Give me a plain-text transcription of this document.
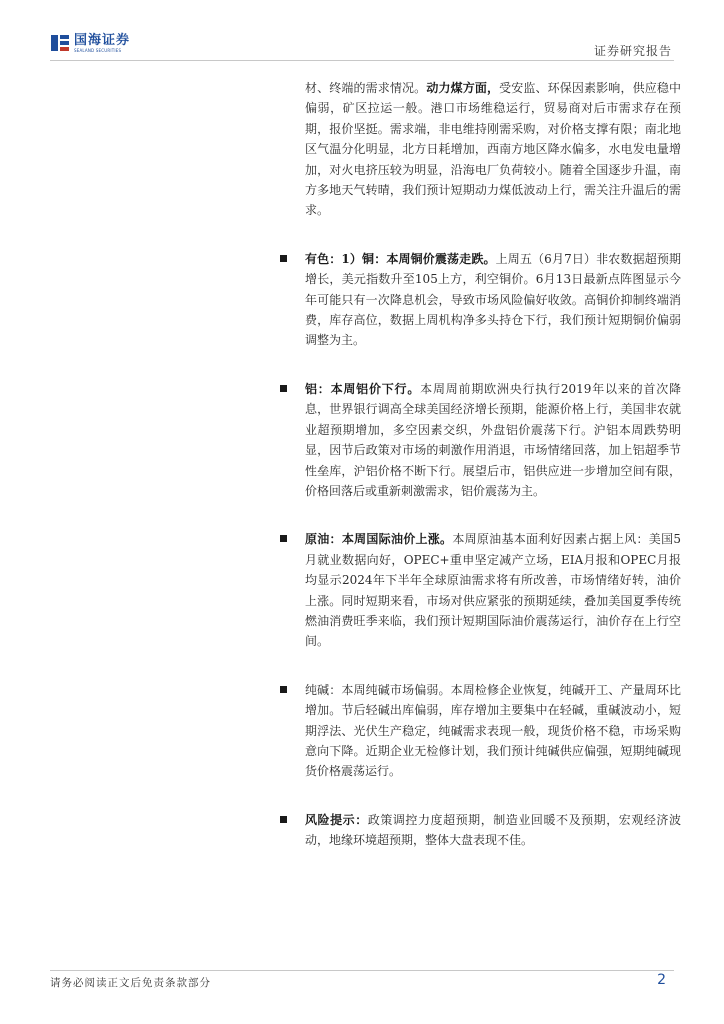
国海证券
SEALAND SECURITIES	证券研究报告

材、终端的需求情况。动力煤方面，受安监、环保因素影响，供应稳中偏弱，矿区拉运一般。港口市场维稳运行，贸易商对后市需求存在预期，报价坚挺。需求端，非电维持刚需采购，对价格支撑有限；南北地区气温分化明显，北方日耗增加，西南方地区降水偏多，水电发电量增加，对火电挤压较为明显，沿海电厂负荷较小。随着全国逐步升温，南方多地天气转晴，我们预计短期动力煤低波动上行，需关注升温后的需求。

有色：1）铜：本周铜价震荡走跌。上周五（6月7日）非农数据超预期增长，美元指数升至105上方，利空铜价。6月13日最新点阵图显示今年可能只有一次降息机会，导致市场风险偏好收敛。高铜价抑制终端消费，库存高位，数据上周机构净多头持仓下行，我们预计短期铜价偏弱调整为主。

铝：本周铝价下行。本周周前期欧洲央行执行2019年以来的首次降息，世界银行调高全球美国经济增长预期，能源价格上行，美国非农就业超预期增加，多空因素交织，外盘铝价震荡下行。沪铝本周跌势明显，因节后政策对市场的刺激作用消退，市场情绪回落，加上铝超季节性垒库，沪铝价格不断下行。展望后市，铝供应进一步增加空间有限，价格回落后或重新刺激需求，铝价震荡为主。

原油：本周国际油价上涨。本周原油基本面利好因素占据上风：美国5月就业数据向好，OPEC+重申坚定减产立场，EIA月报和OPEC月报均显示2024年下半年全球原油需求将有所改善，市场情绪好转，油价上涨。同时短期来看，市场对供应紧张的预期延续，叠加美国夏季传统燃油消费旺季来临，我们预计短期国际油价震荡运行，油价存在上行空间。

纯碱：本周纯碱市场偏弱。本周检修企业恢复，纯碱开工、产量周环比增加。节后轻碱出库偏弱，库存增加主要集中在轻碱，重碱波动小，短期浮法、光伏生产稳定，纯碱需求表现一般，现货价格不稳，市场采购意向下降。近期企业无检修计划，我们预计纯碱供应偏强，短期纯碱现货价格震荡运行。

风险提示：政策调控力度超预期，制造业回暖不及预期，宏观经济波动，地缘环境超预期，整体大盘表现不佳。

请务必阅读正文后免责条款部分	2
